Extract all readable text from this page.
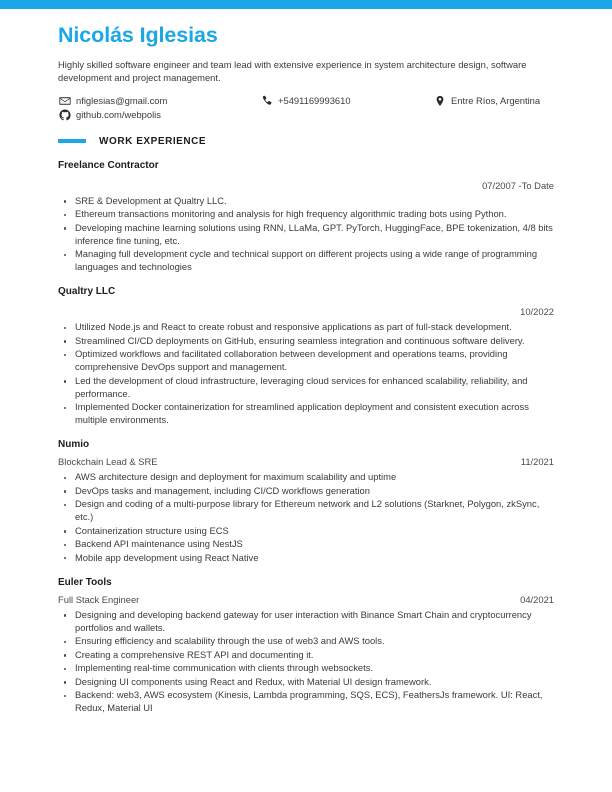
Nicolás Iglesias
Highly skilled software engineer and team lead with extensive experience in system architecture design, software development and project management.
nfiglesias@gmail.com	+5491169993610	Entre Ríos, Argentina
github.com/webpolis
WORK EXPERIENCE
Freelance Contractor
07/2007 -To Date
SRE & Development at Qualtry LLC.
Ethereum transactions monitoring and analysis for high frequency algorithmic trading bots using Python.
Developing machine learning solutions using RNN, LLaMa, GPT. PyTorch, HuggingFace, BPE tokenization, 4/8 bits inference fine tuning, etc.
Managing full development cycle and technical support on different projects using a wide range of programming languages and technologies
Qualtry LLC
10/2022
Utilized Node.js and React to create robust and responsive applications as part of full-stack development.
Streamlined CI/CD deployments on GitHub, ensuring seamless integration and continuous software delivery.
Optimized workflows and facilitated collaboration between development and operations teams, providing comprehensive DevOps support and management.
Led the development of cloud infrastructure, leveraging cloud services for enhanced scalability, reliability, and performance.
Implemented Docker containerization for streamlined application deployment and consistent execution across multiple environments.
Numio
Blockchain Lead & SRE	11/2021
AWS architecture design and deployment for maximum scalability and uptime
DevOps tasks and management, including CI/CD workflows generation
Design and coding of a multi-purpose library for Ethereum network and L2 solutions (Starknet, Polygon, zkSync, etc.)
Containerization structure using ECS
Backend API maintenance using NestJS
Mobile app development using React Native
Euler Tools
Full Stack Engineer	04/2021
Designing and developing backend gateway for user interaction with Binance Smart Chain and cryptocurrency portfolios and wallets.
Ensuring efficiency and scalability through the use of web3 and AWS tools.
Creating a comprehensive REST API and documenting it.
Implementing real-time communication with clients through websockets.
Designing UI components using React and Redux, with Material UI design framework.
Backend: web3, AWS ecosystem (Kinesis, Lambda programming, SQS, ECS), FeathersJs framework. UI: React, Redux, Material UI
